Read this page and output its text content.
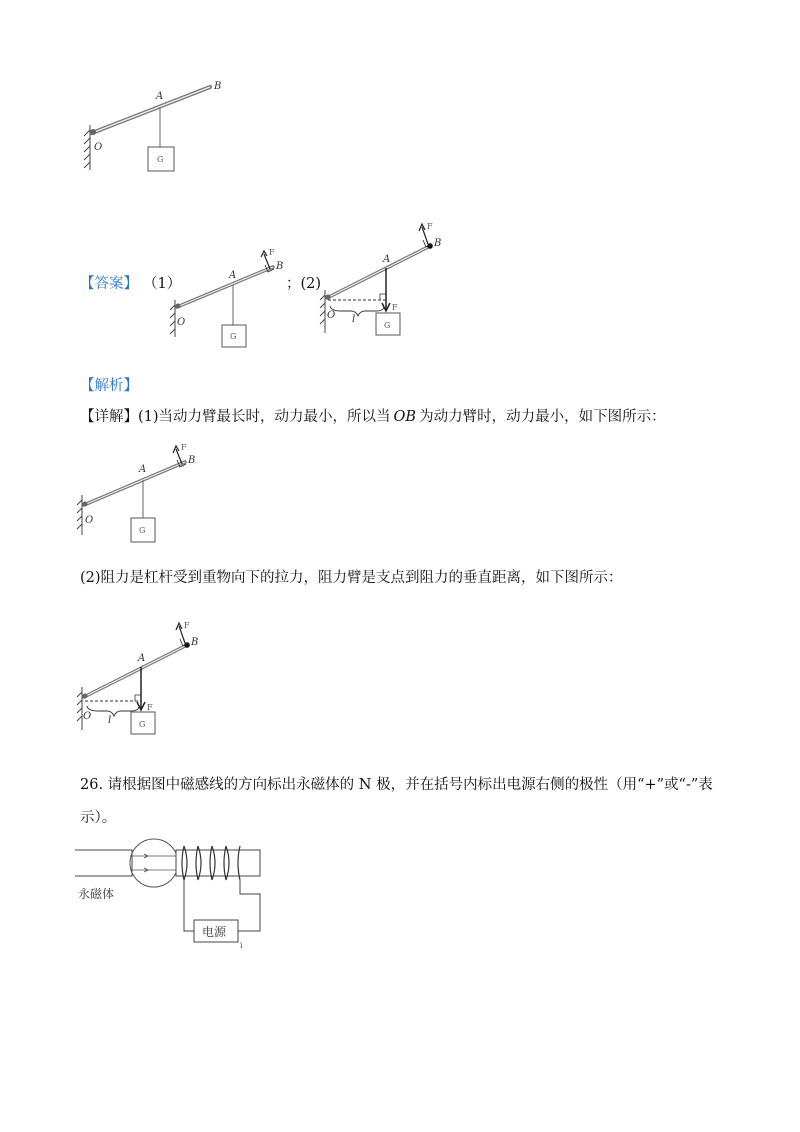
O
A
B
G
【答案】 （1）
O
A
B
F
G
；(2)
O
A
B
F
F
l
G
【解析】
【详解】(1)当动力臂最长时，动力最小，所以当 OB 为动力臂时，动力最小，如下图所示：
O
A
B
F
G
(2)阻力是杠杆受到重物向下的拉力，阻力臂是支点到阻力的垂直距离，如下图所示：
O
A
B
F
F
l	G
26. 请根据图中磁感线的方向标出永磁体的 N 极，并在括号内标出电源右侧的极性（用“+”或“-”表
示）。
电源
永磁体
i
